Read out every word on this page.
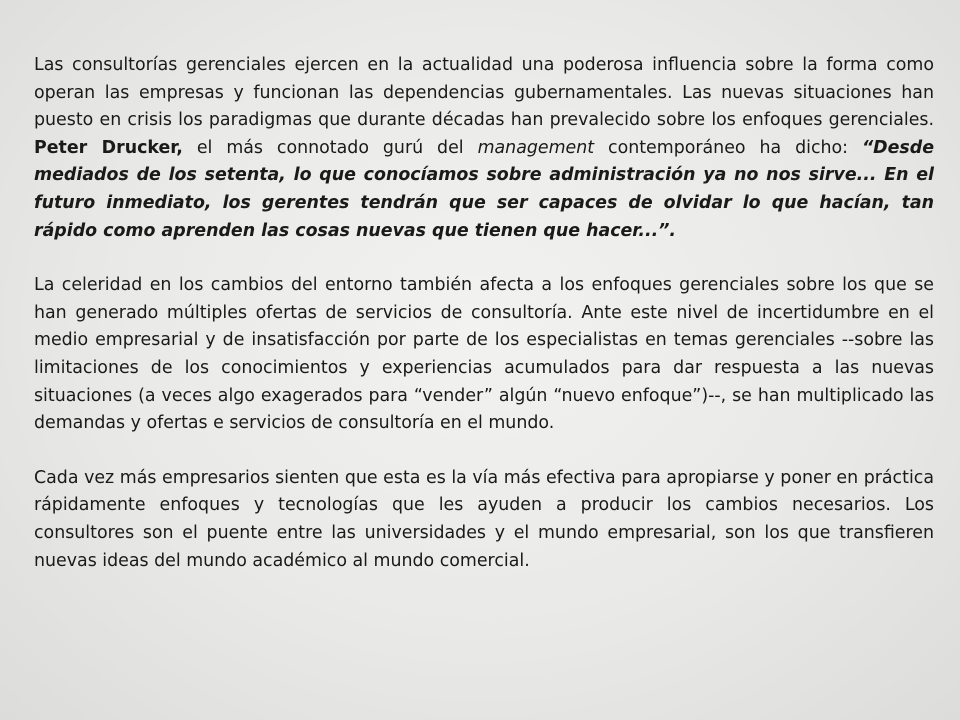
Las consultorías gerenciales ejercen en la actualidad una poderosa influencia sobre la forma como operan las empresas y funcionan las dependencias gubernamentales. Las nuevas situaciones han puesto en crisis los paradigmas que durante décadas han prevalecido sobre los enfoques gerenciales. Peter Drucker, el más connotado gurú del management contemporáneo ha dicho: “Desde mediados de los setenta, lo que conocíamos sobre administración ya no nos sirve... En el futuro inmediato, los gerentes tendrán que ser capaces de olvidar lo que hacían, tan rápido como aprenden las cosas nuevas que tienen que hacer...”.

La celeridad en los cambios del entorno también afecta a los enfoques gerenciales sobre los que se han generado múltiples ofertas de servicios de consultoría. Ante este nivel de incertidumbre en el medio empresarial y de insatisfacción por parte de los especialistas en temas gerenciales --sobre las limitaciones de los conocimientos y experiencias acumulados para dar respuesta a las nuevas situaciones (a veces algo exagerados para “vender” algún “nuevo enfoque”)--, se han multiplicado las demandas y ofertas e servicios de consultoría en el mundo.

Cada vez más empresarios sienten que esta es la vía más efectiva para apropiarse y poner en práctica rápidamente enfoques y tecnologías que les ayuden a producir los cambios necesarios. Los consultores son el puente entre las universidades y el mundo empresarial, son los que transfieren nuevas ideas del mundo académico al mundo comercial.
